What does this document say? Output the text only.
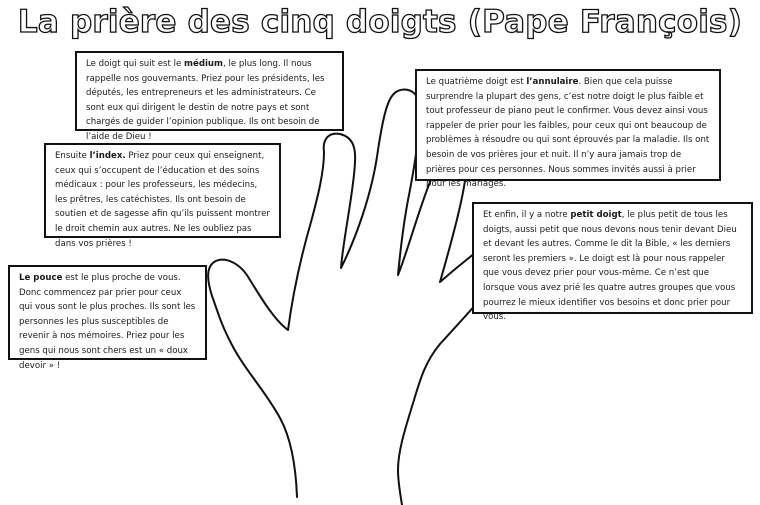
La prière des cinq doigts (Pape François)
Le doigt qui suit est le médium, le plus long. Il nous rappelle nos gouvernants. Priez pour les présidents, les députés, les entrepreneurs et les administrateurs. Ce sont eux qui dirigent le destin de notre pays et sont chargés de guider l’opinion publique. Ils ont besoin de l’aide de Dieu !
Le quatrième doigt est l’annulaire. Bien que cela puisse surprendre la plupart des gens, c’est notre doigt le plus faible et tout professeur de piano peut le confirmer. Vous devez ainsi vous rappeler de prier pour les faibles, pour ceux qui ont beaucoup de problèmes à résoudre ou qui sont éprouvés par la maladie. Ils ont besoin de vos prières jour et nuit. Il n’y aura jamais trop de prières pour ces personnes. Nous sommes invités aussi à prier pour les mariages.
Ensuite l’index. Priez pour ceux qui enseignent, ceux qui s’occupent de l’éducation et des soins médicaux : pour les professeurs, les médecins, les prêtres, les catéchistes. Ils ont besoin de soutien et de sagesse afin qu’ils puissent montrer le droit chemin aux autres. Ne les oubliez pas dans vos prières !
Et enfin, il y a notre petit doigt, le plus petit de tous les doigts, aussi petit que nous devons nous tenir devant Dieu et devant les autres. Comme le dit la Bible, « les derniers seront les premiers ». Le doigt est là pour nous rappeler que vous devez prier pour vous-même. Ce n’est que lorsque vous avez prié les quatre autres groupes que vous pourrez le mieux identifier vos besoins et donc prier pour vous.
Le pouce est le plus proche de vous. Donc commencez par prier pour ceux qui vous sont le plus proches. Ils sont les personnes les plus susceptibles de revenir à nos mémoires. Priez pour les gens qui nous sont chers est un « doux devoir » !
